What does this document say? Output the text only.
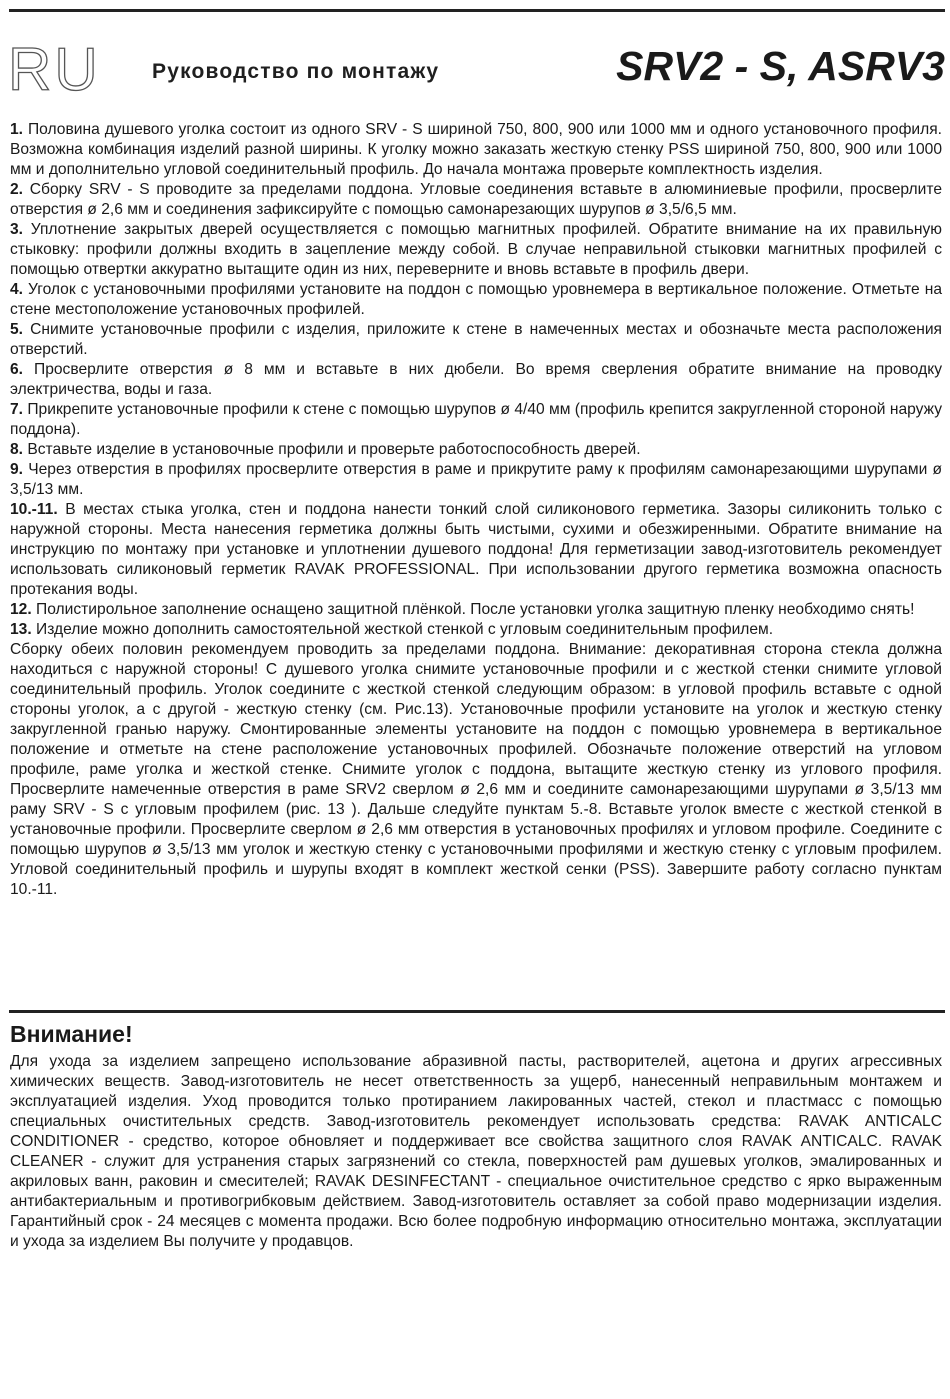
RU Руководство по монтажу	SRV2 - S, ASRV3

1. Половина душевого уголка состоит из одного SRV - S шириной 750, 800, 900 или 1000 мм и одного установочного профиля. Возможна комбинация изделий разной ширины. К уголку можно заказать жесткую стенку PSS шириной 750, 800, 900 или 1000 мм и дополнительно угловой соединительный профиль. До начала монтажа проверьте комплектность изделия.

2. Сборку SRV - S проводите за пределами поддона. Угловые соединения вставьте в алюминиевые профили, просверлите отверстия ø 2,6 мм и соединения зафиксируйте с помощью самонарезающих шурупов ø 3,5/6,5 мм.

3. Уплотнение закрытых дверей осуществляется с помощью магнитных профилей. Обратите внимание на их правильную стыковку: профили должны входить в зацепление между собой. В случае неправильной стыковки магнитных профилей с помощью отвертки аккуратно вытащите один из них, переверните и вновь вставьте в профиль двери.

4. Уголок с установочными профилями установите на поддон с помощью уровнемера в вертикальное положение. Отметьте на стене местоположение установочных профилей.

5. Снимите установочные профили с изделия, приложите к стене в намеченных местах и обозначьте места расположения отверстий.

6. Просверлите отверстия ø 8 мм и вставьте в них дюбели. Во время сверления обратите внимание на проводку электричества, воды и газа.

7. Прикрепите установочные профили к стене с помощью шурупов ø 4/40 мм (профиль крепится закругленной стороной наружу поддона).

8. Вставьте изделие в установочные профили и проверьте работоспособность дверей.

9. Через отверстия в профилях просверлите отверстия в раме и прикрутите раму к профилям самонарезающими шурупами ø 3,5/13 мм.

10.-11. В местах стыка уголка, стен и поддона нанести тонкий слой силиконового герметика. Зазоры силиконить только с наружной стороны. Места нанесения герметика должны быть чистыми, сухими и обезжиренными. Обратите внимание на инструкцию по монтажу при установке и уплотнении душевого поддона! Для герметизации завод-изготовитель рекомендует использовать силиконовый герметик RAVAK PROFESSIONAL. При использовании другого герметика возможна опасность протекания воды.

12. Полистирольное заполнение оснащено защитной плёнкой. После установки уголка защитную пленку необходимо снять!

13. Изделие можно дополнить самостоятельной жесткой стенкой с угловым соединительным профилем.

Сборку обеих половин рекомендуем проводить за пределами поддона. Внимание: декоративная сторона стекла должна находиться с наружной стороны! С душевого уголка снимите установочные профили и с жесткой стенки снимите угловой соединительный профиль. Уголок соедините с жесткой стенкой следующим образом: в угловой профиль вставьте с одной стороны уголок, а с другой - жесткую стенку (см. Рис.13). Установочные профили установите на уголок и жесткую стенку закругленной гранью наружу. Смонтированные элементы установите на поддон с помощью уровнемера в вертикальное положение и отметьте на стене расположение установочных профилей. Обозначьте положение отверстий на угловом профиле, раме уголка и жесткой стенке. Снимите уголок с поддона, вытащите жесткую стенку из углового профиля. Просверлите намеченные отверстия в раме SRV2 сверлом ø 2,6 мм и соедините самонарезающими шурупами ø 3,5/13 мм раму SRV - S с угловым профилем (рис. 13 ). Дальше следуйте пунктам 5.-8. Вставьте уголок вместе с жесткой стенкой в установочные профили. Просверлите сверлом ø 2,6 мм отверстия в установочных профилях и угловом профиле. Соедините с помощью шурупов ø 3,5/13 мм уголок и жесткую стенку с установочными профилями и жесткую стенку с угловым профилем. Угловой соединительный профиль и шурупы входят в комплект жесткой сенки (PSS). Завершите работу согласно пунктам 10.-11.

Внимание!

Для ухода за изделием запрещено использование абразивной пасты, растворителей, ацетона и других агрессивных химических веществ. Завод-изготовитель не несет ответственность за ущерб, нанесенный неправильным монтажем и эксплуатацией изделия. Уход проводится только протиранием лакированных частей, стекол и пластмасс с помощью специальных очистительных средств. Завод-изготовитель рекомендует использовать средства: RAVAK ANTICALC CONDITIONER - средство, которое обновляет и поддерживает все свойства защитного слоя RAVAK ANTICALC. RAVAK CLEANER - служит для устранения старых загрязнений со стекла, поверхностей рам душевых уголков, эмалированных и акриловых ванн, раковин и смесителей; RAVAK DESINFECTANT - специальное очистительное средство с ярко выраженным антибактериальным и противогрибковым действием. Завод-изготовитель оставляет за собой право модернизации изделия. Гарантийный срок - 24 месяцев с момента продажи. Всю более подробную информацию относительно монтажа, эксплуатации и ухода за изделием Вы получите у продавцов.
